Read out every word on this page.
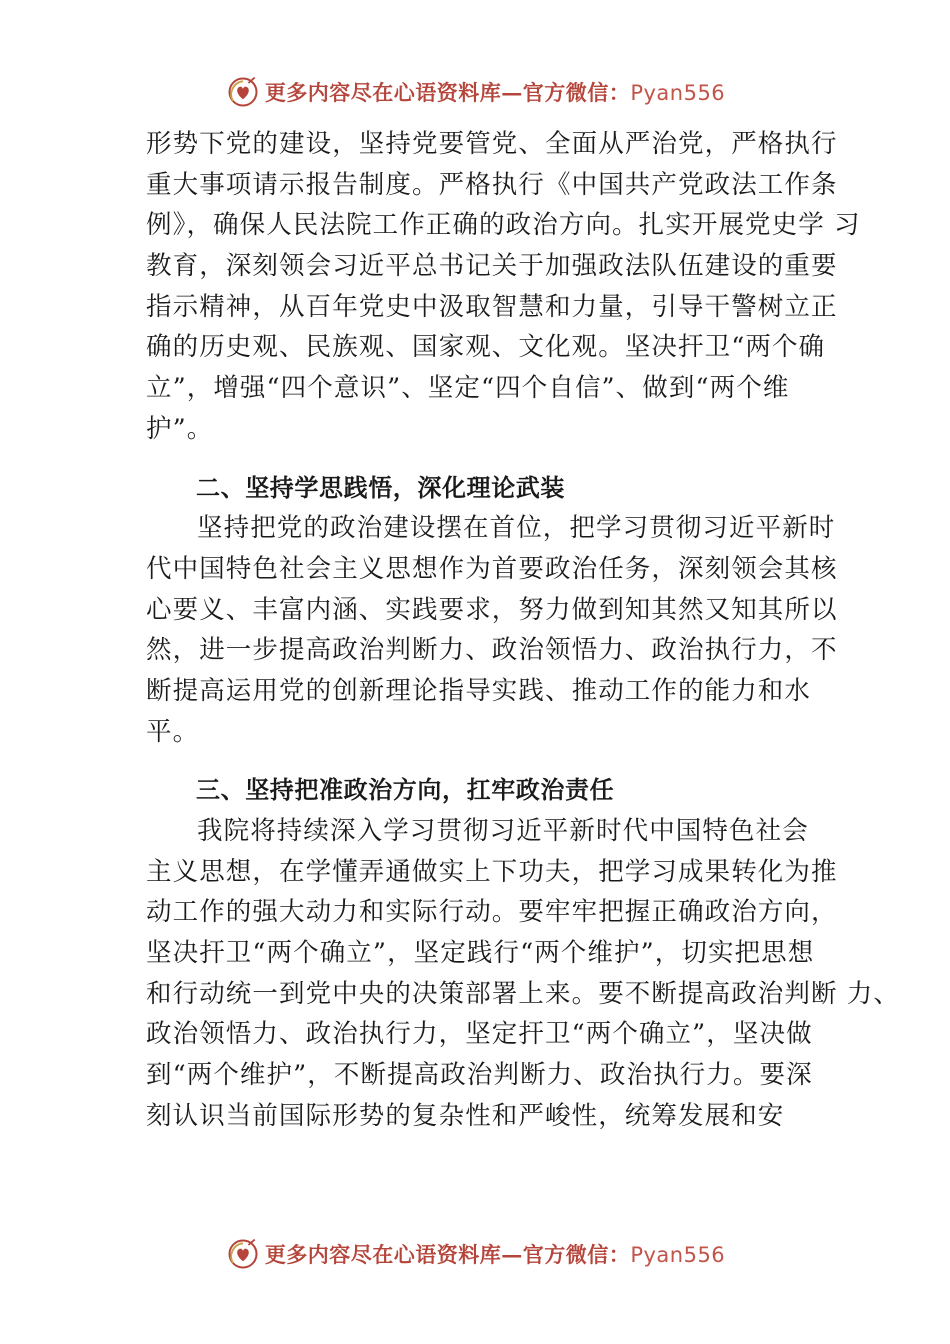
更多内容尽在心语资料库—官方微信：Pyan556
形势下党的建设，坚持党要管党、全面从严治党，严格执行
重大事项请示报告制度。严格执行《中国共产党政法工作条
例》，确保人民法院工作正确的政治方向。扎实开展党史学 习
教育，深刻领会习近平总书记关于加强政法队伍建设的重要
指示精神，从百年党史中汲取智慧和力量，引导干警树立正
确的历史观、民族观、国家观、文化观。坚决扞卫“两个确
立”，增强“四个意识”、坚定“四个自信”、做到“两个维
护”。
二、坚持学思践悟，深化理论武装
坚持把党的政治建设摆在首位，把学习贯彻习近平新时
代中国特色社会主义思想作为首要政治任务，深刻领会其核
心要义、丰富内涵、实践要求，努力做到知其然又知其所以
然，进一步提高政治判断力、政治领悟力、政治执行力，不
断提高运用党的创新理论指导实践、推动工作的能力和水
平。
三、坚持把准政治方向，扛牢政治责任
我院将持续深入学习贯彻习近平新时代中国特色社会
主义思想，在学懂弄通做实上下功夫，把学习成果转化为推
动工作的强大动力和实际行动。要牢牢把握正确政治方向，
坚决扞卫“两个确立”，坚定践行“两个维护”，切实把思想
和行动统一到党中央的决策部署上来。要不断提高政治判断 力、
政治领悟力、政治执行力，坚定扞卫“两个确立”，坚决做
到“两个维护”，不断提高政治判断力、政治执行力。要深
刻认识当前国际形势的复杂性和严峻性，统筹发展和安
更多内容尽在心语资料库—官方微信：Pyan556
